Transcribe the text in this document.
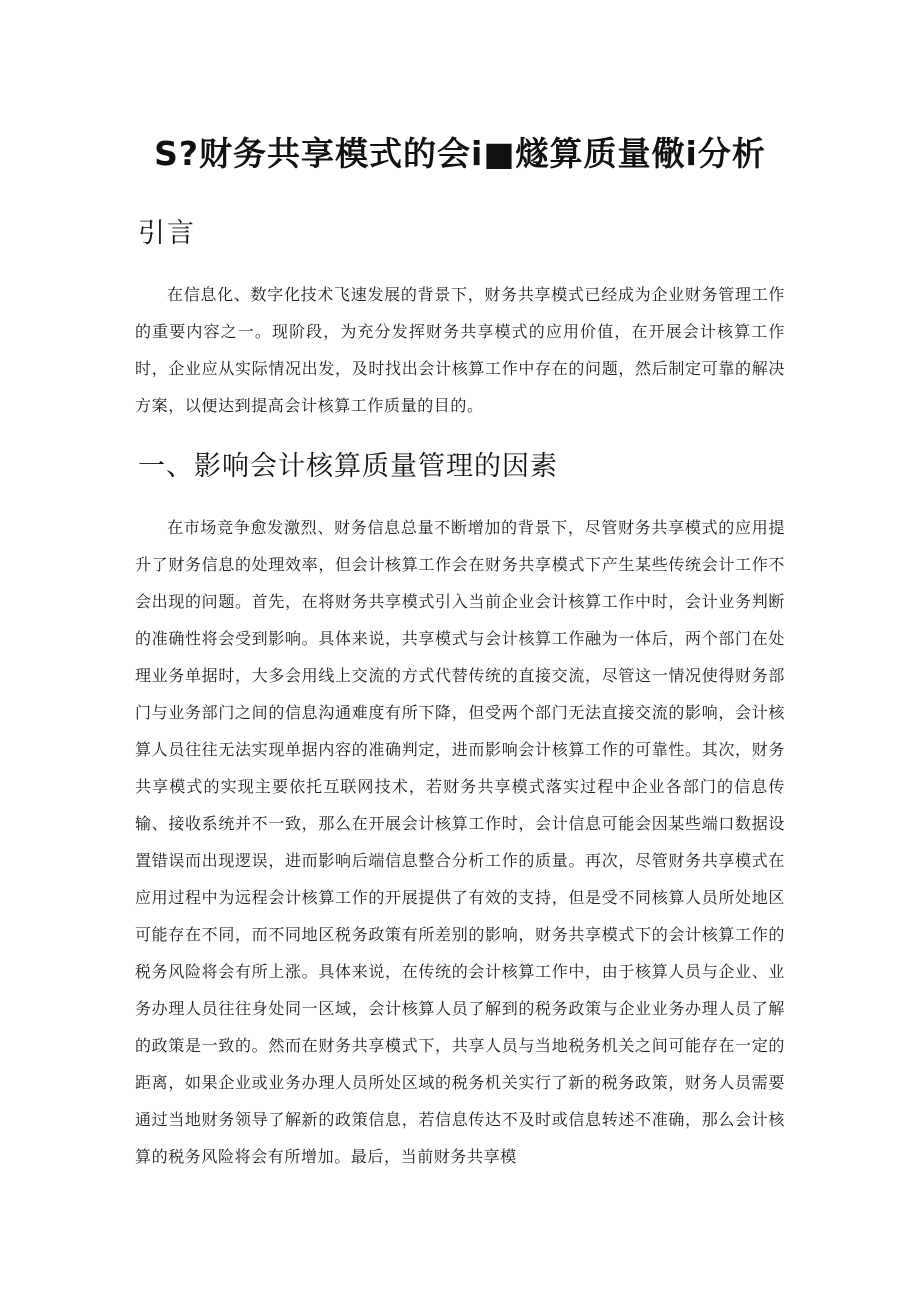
S?财务共享模式的会i■燧算质量儆i分析
引言

在信息化、数字化技术飞速发展的背景下，财务共享模式已经成为企业财务管理工作的重要内容之一。现阶段，为充分发挥财务共享模式的应用价值，在开展会计核算工作时，企业应从实际情况出发，及时找出会计核算工作中存在的问题，然后制定可靠的解决方案，以便达到提高会计核算工作质量的目的。

一、影响会计核算质量管理的因素

在市场竞争愈发激烈、财务信息总量不断增加的背景下，尽管财务共享模式的应用提升了财务信息的处理效率，但会计核算工作会在财务共享模式下产生某些传统会计工作不会出现的问题。首先，在将财务共享模式引入当前企业会计核算工作中时，会计业务判断的准确性将会受到影响。具体来说，共享模式与会计核算工作融为一体后，两个部门在处理业务单据时，大多会用线上交流的方式代替传统的直接交流，尽管这一情况使得财务部门与业务部门之间的信息沟通难度有所下降，但受两个部门无法直接交流的影响，会计核算人员往往无法实现单据内容的准确判定，进而影响会计核算工作的可靠性。其次，财务共享模式的实现主要依托互联网技术，若财务共享模式落实过程中企业各部门的信息传输、接收系统并不一致，那么在开展会计核算工作时，会计信息可能会因某些端口数据设置错误而出现逻误，进而影响后端信息整合分析工作的质量。再次，尽管财务共享模式在应用过程中为远程会计核算工作的开展提供了有效的支持，但是受不同核算人员所处地区可能存在不同，而不同地区税务政策有所差别的影响，财务共享模式下的会计核算工作的税务风险将会有所上涨。具体来说，在传统的会计核算工作中，由于核算人员与企业、业务办理人员往往身处同一区域，会计核算人员了解到的税务政策与企业业务办理人员了解的政策是一致的。然而在财务共享模式下，共享人员与当地税务机关之间可能存在一定的距离，如果企业或业务办理人员所处区域的税务机关实行了新的税务政策，财务人员需要通过当地财务领导了解新的政策信息，若信息传达不及时或信息转述不准确，那么会计核算的税务风险将会有所增加。最后，当前财务共享模
